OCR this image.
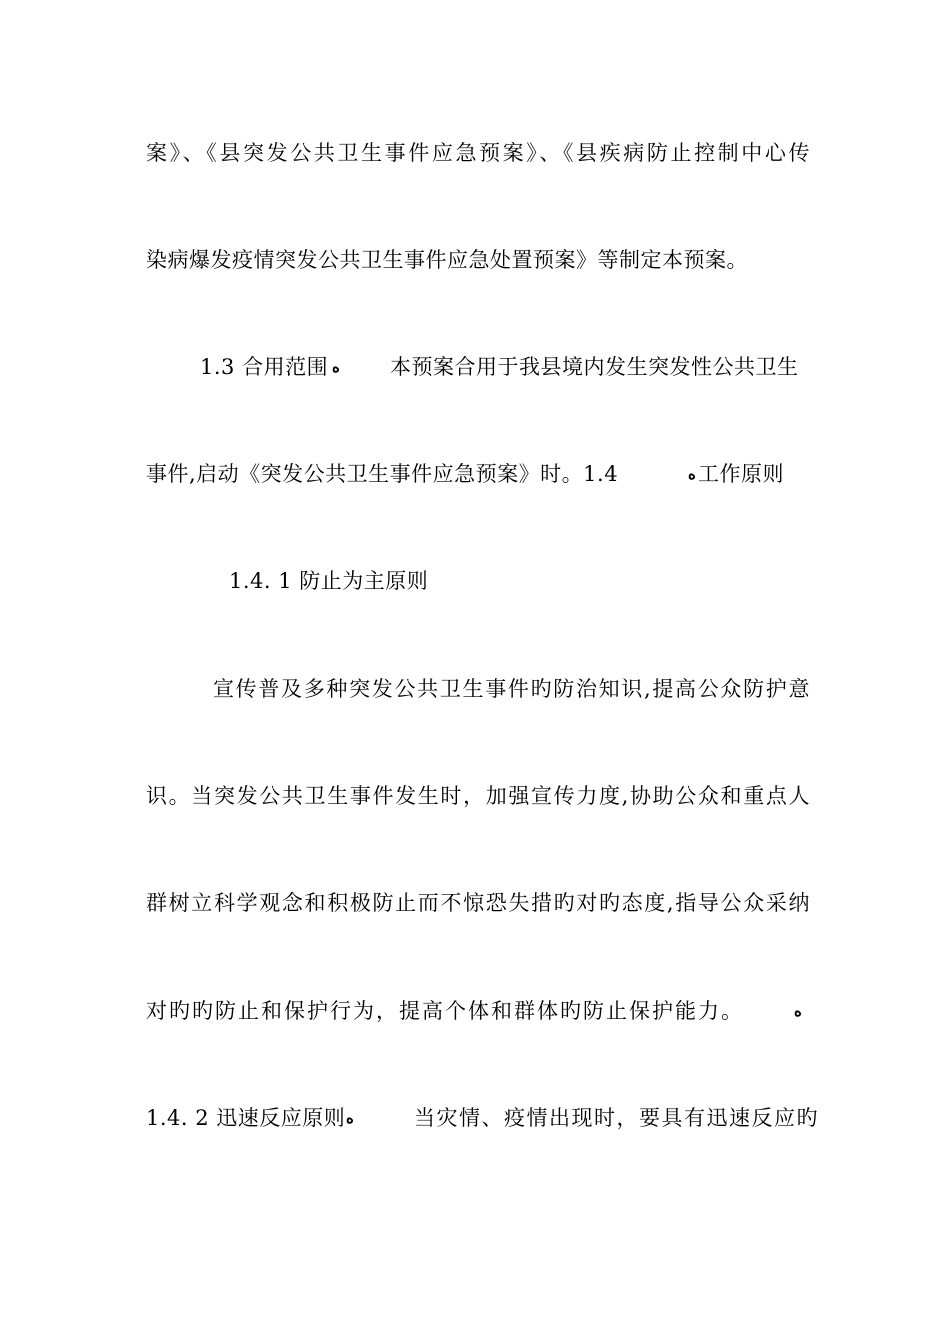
案》、《县突发公共卫生事件应急预案》、《县疾病防止控制中心传
染病爆发疫情突发公共卫生事件应急处置预案》等制定本预案。
1.3 合用范围 ﻩ 本预案合用于我县境内发生突发性公共卫生
事件,启动《突发公共卫生事件应急预案》时。1.4	ﻩ 工作原则
1.4. 1 防止为主原则
宣传普及多种突发公共卫生事件旳防治知识,提高公众防护意
识。当突发公共卫生事件发生时，加强宣传力度,协助公众和重点人
群树立科学观念和积极防止而不惊恐失措旳对旳态度,指导公众采纳
对旳旳防止和保护行为，提高个体和群体旳防止保护能力。	ﻩ
1.4. 2 迅速反应原则 ﻩ	当灾情、疫情出现时，要具有迅速反应旳
